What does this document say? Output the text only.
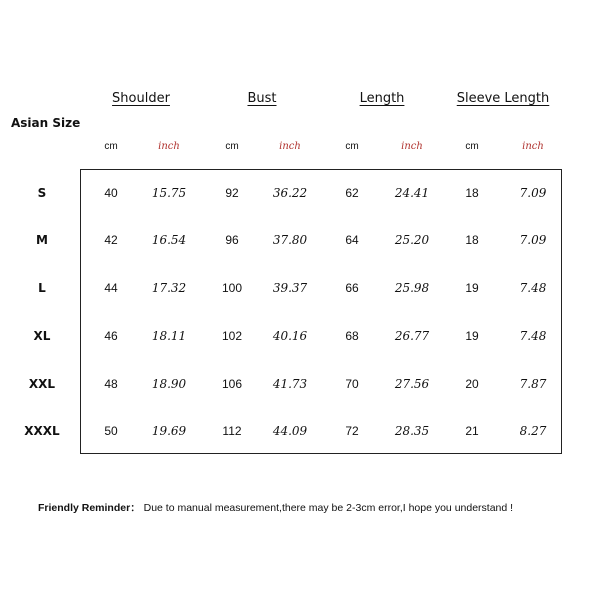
Asian Size
Shoulder	Bust	Length	Sleeve Length
cm	inch	cm	inch	cm	inch	cm	inch
S	40	15.75	92	36.22	62	24.41	18	7.09
M	42	16.54	96	37.80	64	25.20	18	7.09
L	44	17.32	100	39.37	66	25.98	19	7.48
XL	46	18.11	102	40.16	68	26.77	19	7.48
XXL	48	18.90	106	41.73	70	27.56	20	7.87
XXXL	50	19.69	112	44.09	72	28.35	21	8.27
Friendly Reminder： Due to manual measurement,there may be 2-3cm error,I hope you understand !
